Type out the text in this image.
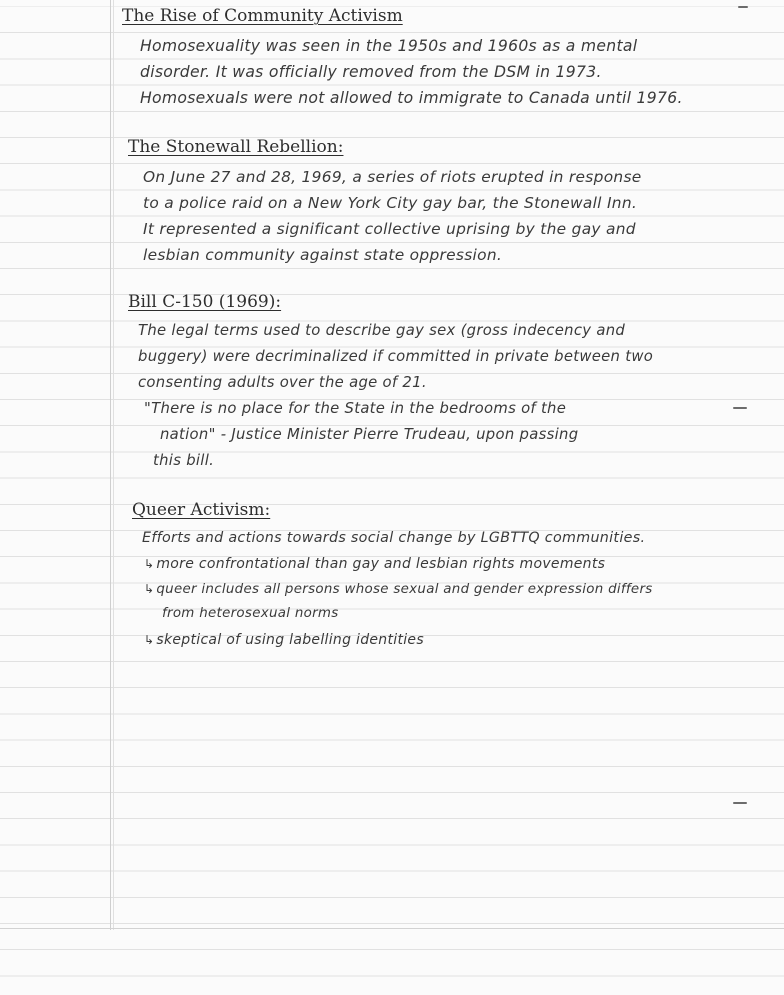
The Rise of Community Activism
Homosexuality was seen in the 1950s and 1960s as a mental
disorder. It was officially removed from the DSM in 1973.
Homosexuals were not allowed to immigrate to Canada until 1976.
The Stonewall Rebellion:
On June 27 and 28, 1969, a series of riots erupted in response
to a police raid on a New York City gay bar, the Stonewall Inn.
It represented a significant collective uprising by the gay and
lesbian community against state oppression.
Bill C-150 (1969):
The legal terms used to describe gay sex (gross indecency and
buggery) were decriminalized if committed in private between two
consenting adults over the age of 21.
"There is no place for the State in the bedrooms of the
nation" - Justice Minister Pierre Trudeau, upon passing
this bill.
Queer Activism:
Efforts and actions towards social change by LGBTTQ communities.
↳ more confrontational than gay and lesbian rights movements
↳ queer includes all persons whose sexual and gender expression differs
from heterosexual norms
↳ skeptical of using labelling identities
